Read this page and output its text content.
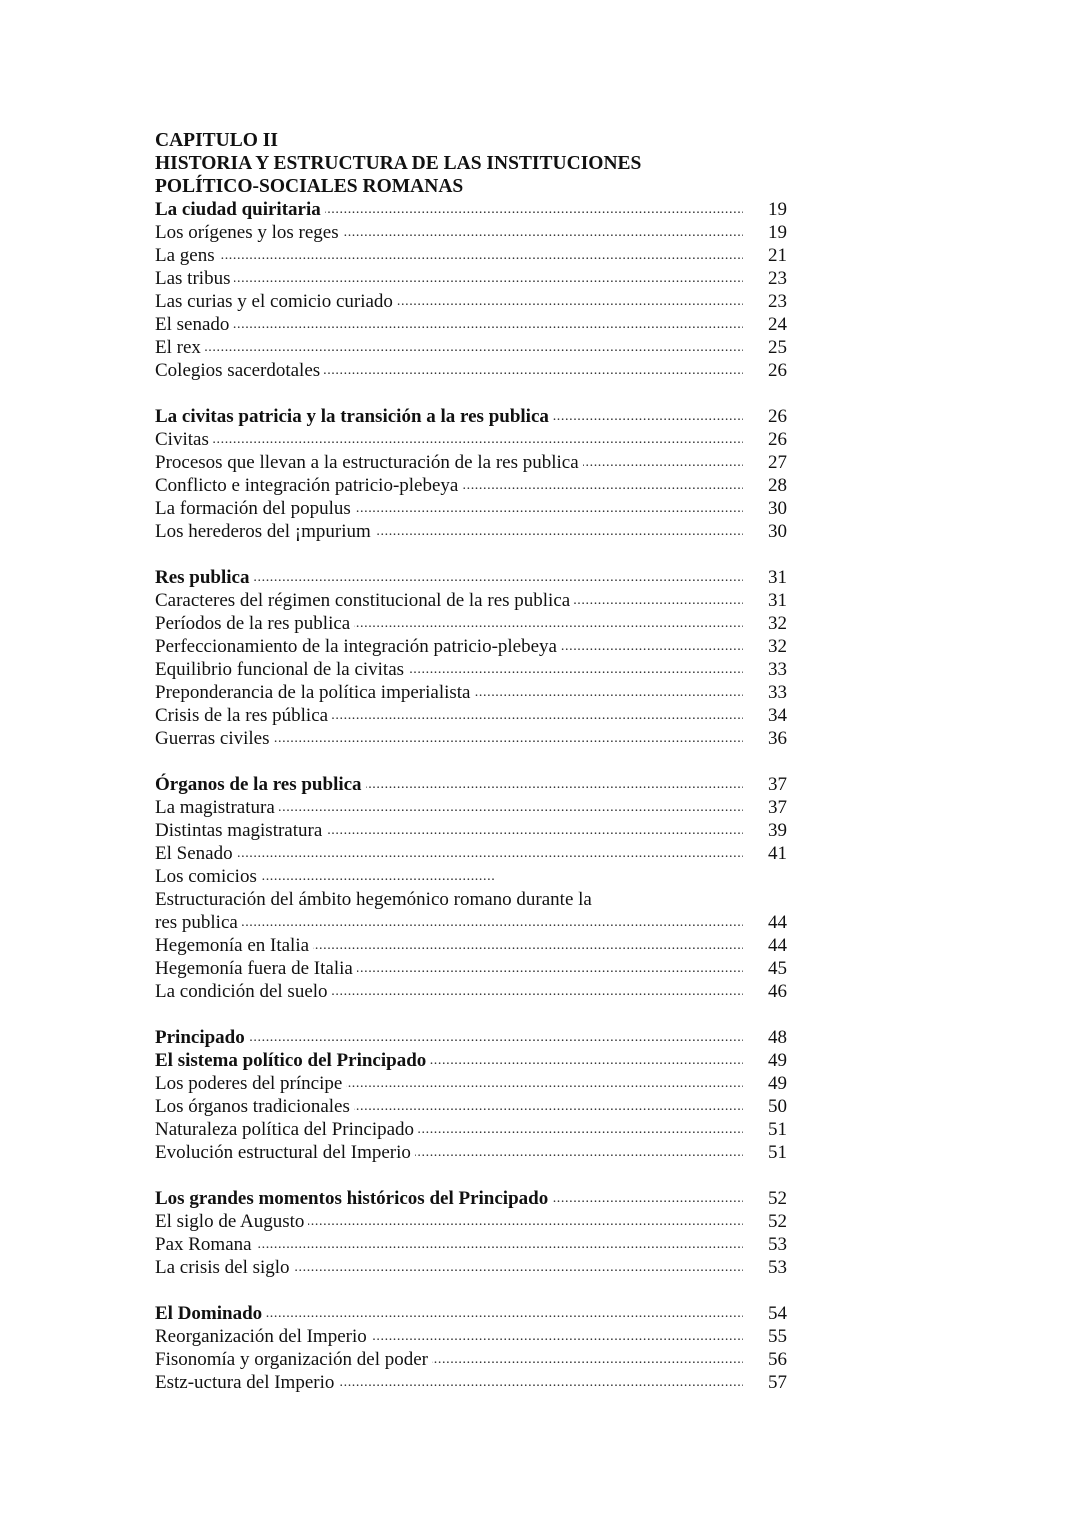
CAPITULO II
HISTORIA Y ESTRUCTURA DE LAS INSTITUCIONES
POLÍTICO-SOCIALES ROMANAS
.....
La ciudad quiritaria	19
.....
Los orígenes y los reges	19
.....
La gens	21
.....
Las tribus	23
.....
Las curias y el comicio curiado	23
.....
El senado	24
.....
El rex	25
.....
Colegios sacerdotales	26
.....
La civitas patricia y la transición a la res publica	26
.....
Civitas	26
.....
Procesos que llevan a la estructuración de la res publica	27
.....
Conflicto e integración patricio-plebeya	28
.....
La formación del populus	30
.....
Los herederos del ¡mpurium	30
.....
Res publica	31
.....
Caracteres del régimen constitucional de la res publica	31
.....
Períodos de la res publica	32
.....
Perfeccionamiento de la integración patricio-plebeya	32
.....
Equilibrio funcional de la civitas	33
.....
Preponderancia de la política imperialista	33
.....
Crisis de la res pública	34
.....
Guerras civiles	36
.....
Órganos de la res publica	37
.....
La magistratura	37
.....
Distintas magistratura	39
.....
El Senado	41
.....
Los comicios
Estructuración del ámbito hegemónico romano durante la
.....
res publica	44
.....
Hegemonía en Italia	44
.....
Hegemonía fuera de Italia	45
.....
La condición del suelo	46
.....
Principado	48
.....
El sistema político del Principado	49
.....
Los poderes del príncipe	49
.....
Los órganos tradicionales	50
.....
Naturaleza política del Principado	51
.....
Evolución estructural del Imperio	51
.....
Los grandes momentos históricos del Principado	52
.....
El siglo de Augusto	52
.....
Pax Romana	53
.....
La crisis del siglo	53
.....
El Dominado	54
.....
Reorganización del Imperio	55
.....
Fisonomía y organización del poder	56
.....
Estz-uctura del Imperio	57
